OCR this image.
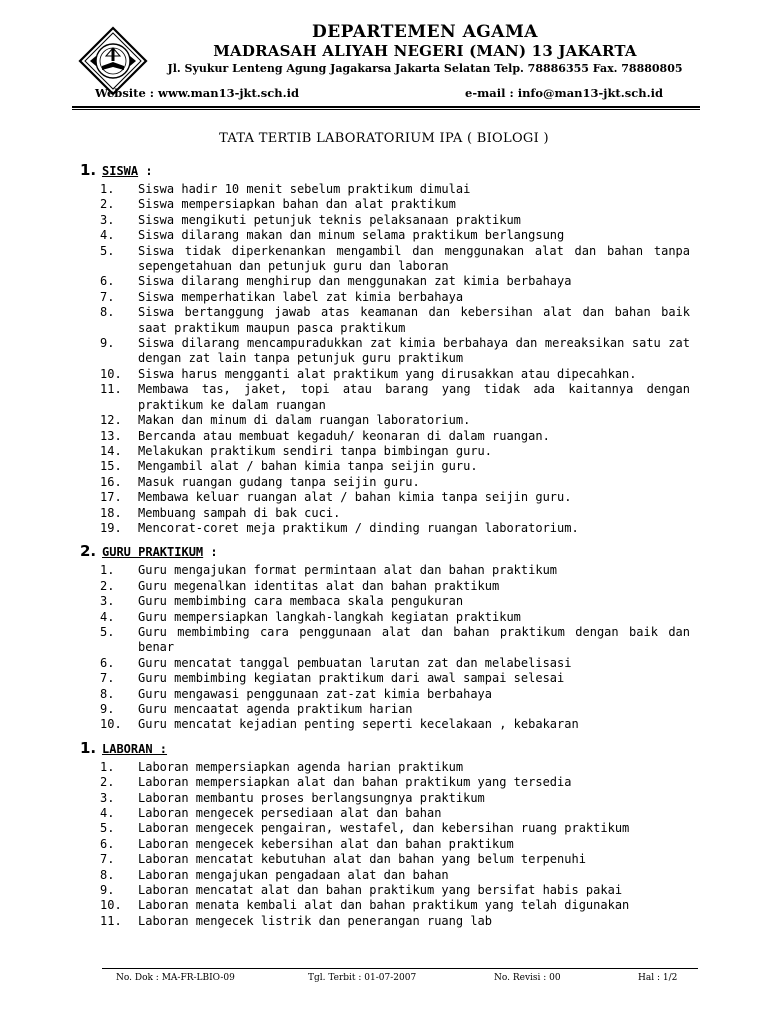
DEPARTEMEN AGAMA
MADRASAH ALIYAH NEGERI (MAN) 13 JAKARTA
Jl. Syukur Lenteng Agung Jagakarsa Jakarta Selatan Telp. 78886355 Fax. 78880805
Website : www.man13-jkt.sch.id	e-mail : info@man13-jkt.sch.id
TATA TERTIB LABORATORIUM IPA ( BIOLOGI )
1. SISWA :
1.	Siswa hadir 10 menit sebelum praktikum dimulai
2.	Siswa mempersiapkan bahan dan alat praktikum
3.	Siswa mengikuti petunjuk teknis pelaksanaan praktikum
4.	Siswa dilarang makan dan minum selama praktikum berlangsung
5.	Siswa tidak diperkenankan mengambil dan menggunakan alat dan bahan tanpa sepengetahuan dan petunjuk guru dan laboran
6.	Siswa dilarang menghirup dan menggunakan zat kimia berbahaya
7.	Siswa memperhatikan label zat kimia berbahaya
8.	Siswa bertanggung jawab atas keamanan dan kebersihan alat dan bahan baik saat praktikum maupun pasca praktikum
9.	Siswa dilarang mencampuradukkan zat kimia berbahaya dan mereaksikan satu zat dengan zat lain tanpa petunjuk guru praktikum
10.	Siswa harus mengganti alat praktikum yang dirusakkan atau dipecahkan.
11.	Membawa tas, jaket, topi atau barang yang tidak ada kaitannya dengan praktikum ke dalam ruangan
12.	Makan dan minum di dalam ruangan laboratorium.
13.	Bercanda atau membuat kegaduh/ keonaran di dalam ruangan.
14.	Melakukan praktikum sendiri tanpa bimbingan guru.
15.	Mengambil alat / bahan kimia tanpa seijin guru.
16.	Masuk ruangan gudang tanpa seijin guru.
17.	Membawa keluar ruangan alat / bahan kimia tanpa seijin guru.
18.	Membuang sampah di bak cuci.
19.	Mencorat-coret meja praktikum / dinding ruangan laboratorium.
2. GURU PRAKTIKUM :
1.	Guru mengajukan format permintaan alat dan bahan praktikum
2.	Guru megenalkan identitas alat dan bahan praktikum
3.	Guru membimbing cara membaca skala pengukuran
4.	Guru mempersiapkan langkah-langkah kegiatan praktikum
5.	Guru membimbing cara penggunaan alat dan bahan praktikum dengan baik dan benar
6.	Guru mencatat tanggal pembuatan larutan zat dan melabelisasi
7.	Guru membimbing kegiatan praktikum dari awal sampai selesai
8.	Guru mengawasi penggunaan zat-zat kimia berbahaya
9.	Guru mencaatat agenda praktikum harian
10.	Guru mencatat kejadian penting seperti kecelakaan , kebakaran
1. LABORAN :
1.	Laboran mempersiapkan agenda harian praktikum
2.	Laboran mempersiapkan alat dan bahan praktikum yang tersedia
3.	Laboran membantu proses berlangsungnya praktikum
4.	Laboran mengecek persediaan alat dan bahan
5.	Laboran mengecek pengairan, westafel, dan kebersihan ruang praktikum
6.	Laboran mengecek kebersihan alat dan bahan praktikum
7.	Laboran mencatat kebutuhan alat dan bahan yang belum terpenuhi
8.	Laboran mengajukan pengadaan alat dan bahan
9.	Laboran mencatat alat dan bahan praktikum yang bersifat habis pakai
10.	Laboran menata kembali alat dan bahan praktikum yang telah digunakan
11.	Laboran mengecek listrik dan penerangan ruang lab
No. Dok : MA-FR-LBIO-09	Tgl. Terbit : 01-07-2007	No. Revisi : 00	Hal : 1/2
